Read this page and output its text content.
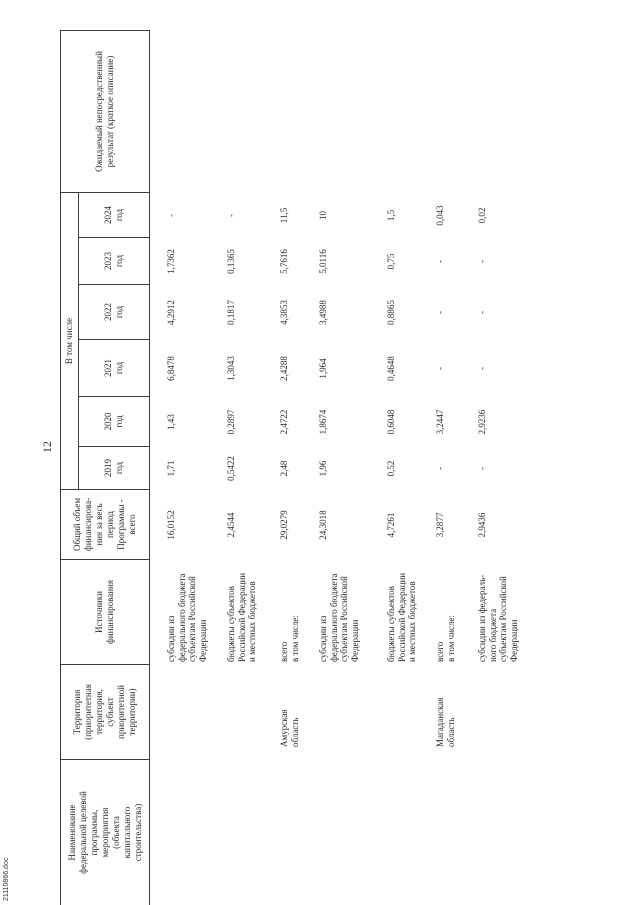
12
21110866.doc
Наименование
федеральной целевой
программы,
мероприятия
(объекта
капитального
строительства)
Территория
(приоритетная
территория,
субъект
приоритетной
территории)
Источники
финансирования
Общий объем
финансирова-
ния за весь
период
Программы -
всего
В том числе
2019 год
2020 год
2021 год
2022 год
2023 год
2024 год
Ожидаемый непосредственный
результат (краткое описание)
субсидии из
федерального бюджета
субъектам Российской
Федерации
16,0152
1,71
1,43
6,8478
4,2912
1,7362
-
бюджеты субъектов
Российской Федерации
и местных бюджетов
2,4544
0,5422
0,2897
1,3043
0,1817
0,1365
-
Амурская
область
всего
в том числе:
29,0279
2,48
2,4722
2,4288
4,3853
5,7616
11,5
субсидии из
федерального бюджета
субъектам Российской
Федерации
24,3018
1,96
1,8674
1,964
3,4988
5,0116
10
бюджеты субъектов
Российской Федерации
и местных бюджетов
4,7261
0,52
0,6048
0,4648
0,8865
0,75
1,5
Магаданская
область
всего
в том числе:
3,2877
-
3,2447
-
-
-
0,043
субсидии из федераль-
ного бюджета
субъектам Российской
Федерации
2,9436
-
2,9236
-
-
-
0,02
